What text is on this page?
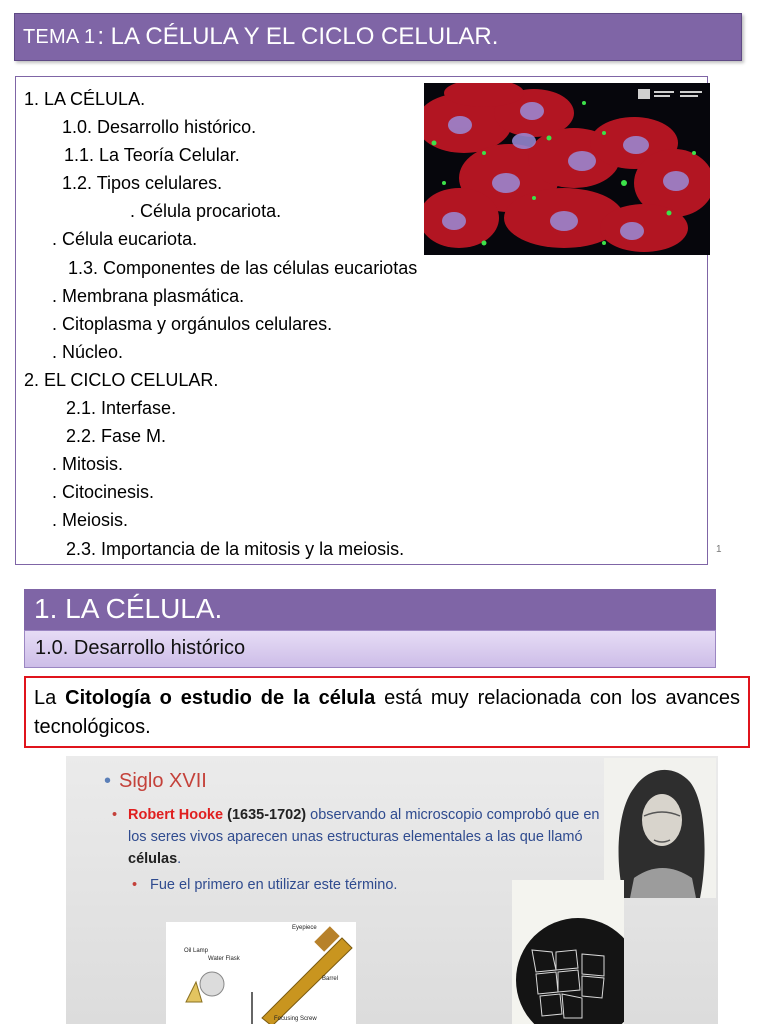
TEMA 1 : LA CÉLULA Y EL CICLO CELULAR.
1. LA CÉLULA.
1.0. Desarrollo histórico.
1.1. La Teoría Celular.
1.2. Tipos celulares.
. Célula procariota.
. Célula eucariota.
1.3. Componentes de las células eucariotas
. Membrana plasmática.
. Citoplasma y orgánulos celulares.
. Núcleo.
2. EL CICLO CELULAR.
2.1. Interfase.
2.2. Fase M.
. Mitosis.
. Citocinesis.
. Meiosis.
2.3. Importancia de la mitosis y la meiosis.	1
1. LA CÉLULA.
1.0. Desarrollo histórico
La Citología o estudio de la célula está muy relacionada con los avances tecnológicos.
• Siglo XVII
• Robert Hooke (1635-1702) observando al microscopio comprobó que en los seres vivos aparecen unas estructuras elementales a las que llamó células.
• Fue el primero en utilizar este término.
Eyepiece
Oil Lamp
Water Flask
Barrel
Focusing Screw
